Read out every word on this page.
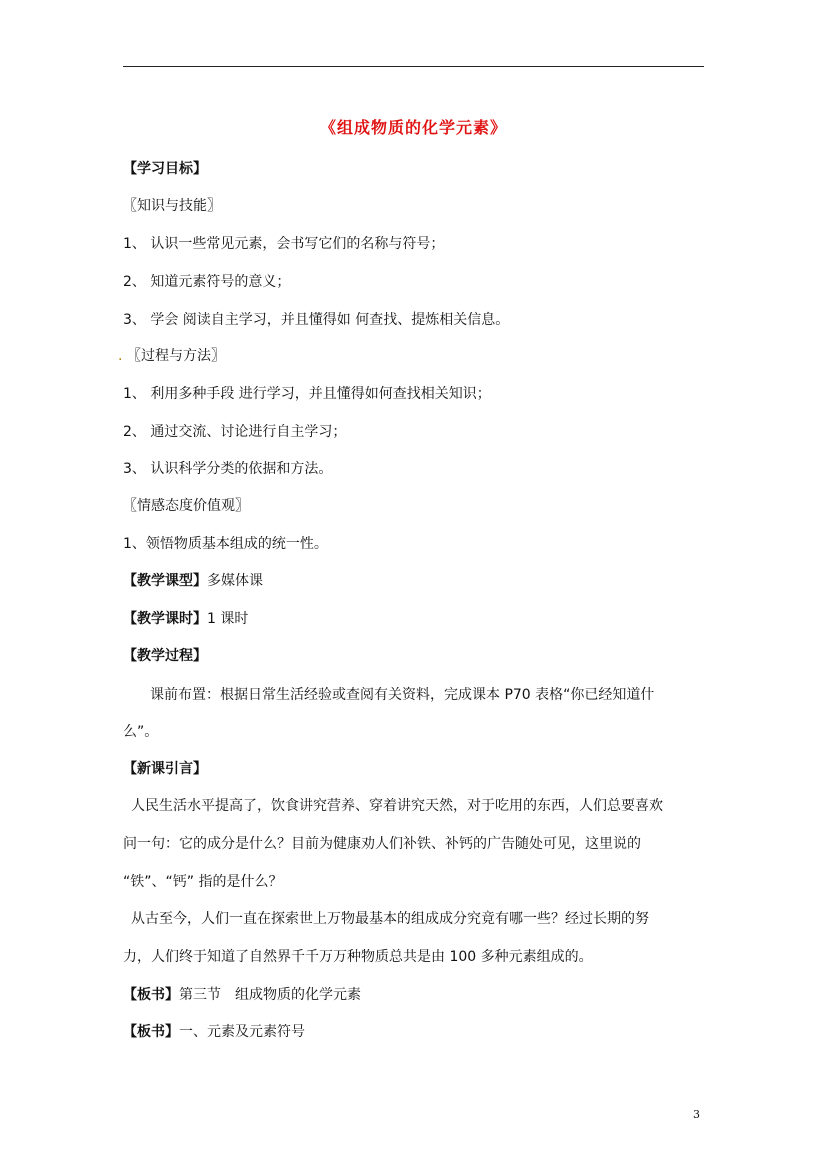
《组成物质的化学元素》
【学习目标】
〖知识与技能〗
1、 认识一些常见元素，会书写它们的名称与符号；
2、 知道元素符号的意义；
3、 学会 阅读自主学习，并且懂得如 何查找、提炼相关信息。
. 〖过程与方法〗
1、 利用多种手段 进行学习，并且懂得如何查找相关知识；
2、 通过交流、讨论进行自主学习；
3、 认识科学分类的依据和方法。
〖情感态度价值观〗
1、领悟物质基本组成的统一性。
【教学课型】多媒体课
【教学课时】1 课时
【教学过程】
课前布置：根据日常生活经验或查阅有关资料，完成课本 P70 表格“你已经知道什
么”。
【新课引言】
人民生活水平提高了，饮食讲究营养、穿着讲究天然，对于吃用的东西，人们总要喜欢
问一句：它的成分是什么？目前为健康劝人们补铁、补钙的广告随处可见，这里说的
“铁”、“钙” 指的是什么？
从古至今，人们一直在探索世上万物最基本的组成成分究竟有哪一些？经过长期的努
力，人们终于知道了自然界千千万万种物质总共是由 100 多种元素组成的。
【板书】第三节　组成物质的化学元素
【板书】一、元素及元素符号
3
